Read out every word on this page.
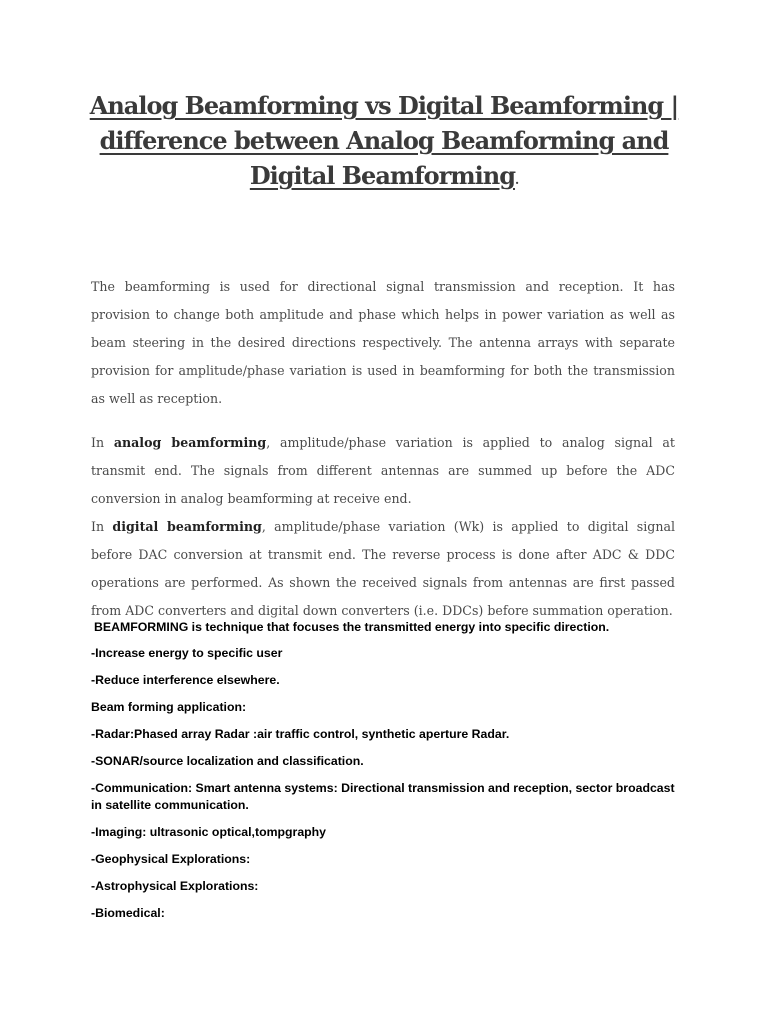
Analog Beamforming vs Digital Beamforming | difference between Analog Beamforming and Digital Beamforming.

The beamforming is used for directional signal transmission and reception. It has provision to change both amplitude and phase which helps in power variation as well as beam steering in the desired directions respectively. The antenna arrays with separate provision for amplitude/phase variation is used in beamforming for both the transmission as well as reception.

In analog beamforming, amplitude/phase variation is applied to analog signal at transmit end. The signals from different antennas are summed up before the ADC conversion in analog beamforming at receive end.

In digital beamforming, amplitude/phase variation (Wk) is applied to digital signal before DAC conversion at transmit end. The reverse process is done after ADC & DDC operations are performed. As shown the received signals from antennas are first passed from ADC converters and digital down converters (i.e. DDCs) before summation operation.

BEAMFORMING is technique that focuses the transmitted energy into specific direction.
-Increase energy to specific user
-Reduce interference elsewhere.
Beam forming application:
-Radar:Phased array Radar :air traffic control, synthetic aperture Radar.
-SONAR/source localization and classification.
-Communication: Smart antenna systems: Directional transmission and reception, sector broadcast in satellite communication.
-Imaging: ultrasonic optical,tompgraphy
-Geophysical Explorations:
-Astrophysical Explorations:
-Biomedical:
